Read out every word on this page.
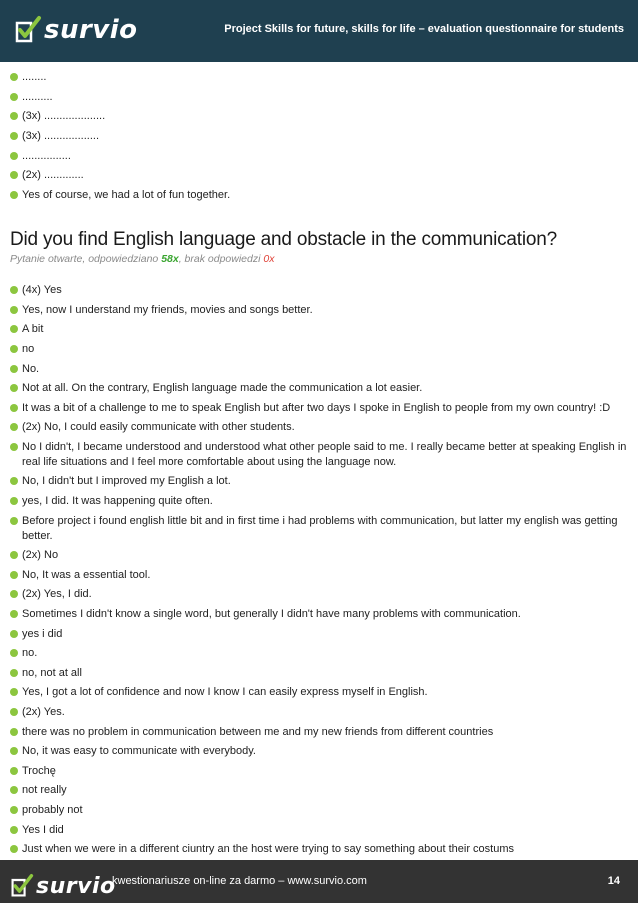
survio	Project Skills for future, skills for life – evaluation questionnaire for students
........
..........
(3x) ....................
(3x) ..................
................
(2x) .............
Yes of course, we had a lot of fun together.
Did you find English language and obstacle in the communication?
Pytanie otwarte, odpowiedziano 58x, brak odpowiedzi 0x
(4x) Yes
Yes, now I understand my friends, movies and songs better.
A bit
no
No.
Not at all. On the contrary, English language made the communication a lot easier.
It was a bit of a challenge to me to speak English but after two days I spoke in English to people from my own country! :D
(2x) No, I could easily communicate with other students.
No I didn't, I became understood and understood what other people said to me. I really became better at speaking English in real life situations and I feel more comfortable about using the language now.
No, I didn't but I improved my English a lot.
yes, I did. It was happening quite often.
Before project i found english little bit and in first time i had problems with communication, but latter my english was getting better.
(2x) No
No, It was a essential tool.
(2x) Yes, I did.
Sometimes I didn't know a single word, but generally I didn't have many problems with communication.
yes i did
no.
no, not at all
Yes, I got a lot of confidence and now I know I can easily express myself in English.
(2x) Yes.
there was no problem in communication between me and my new friends from different countries
No, it was easy to communicate with everybody.
Trochę
not really
probably not
Yes I did
Just when we were in a different ciuntry an the host were trying to say something about their costums
survio
kwestionariusze on-line za darmo – www.survio.com	14
